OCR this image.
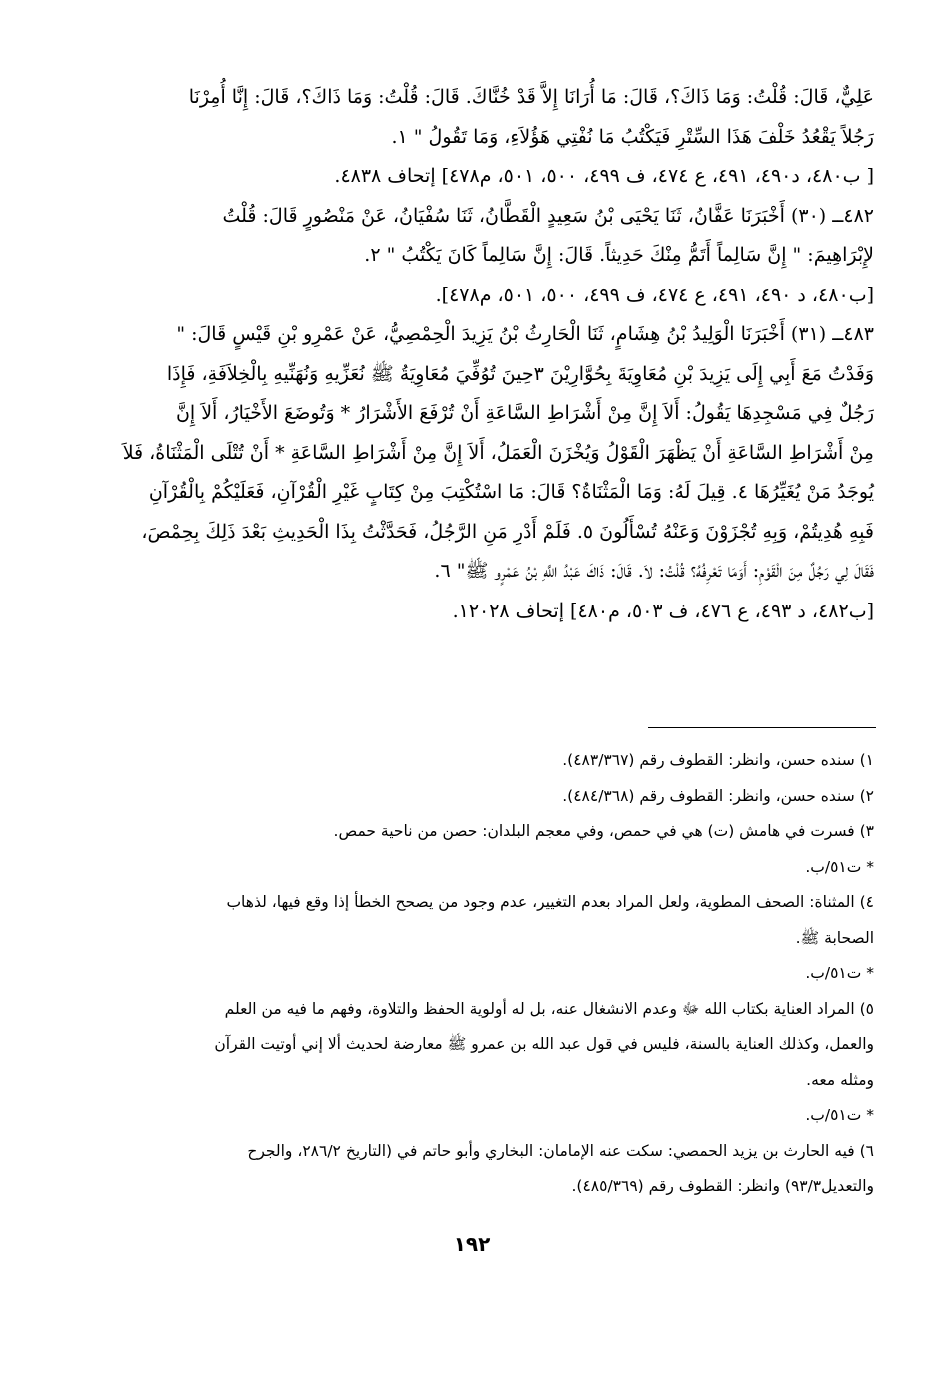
عَلِيٌّ، قَالَ: قُلْتُ: وَمَا ذَاكَ؟، قَالَ: مَا أُرَانَا إِلاَّ قَدْ خُنَّاكَ. قَالَ: قُلْتُ: وَمَا ذَاكَ؟، قَالَ: إِنَّا أُمِرْنَا

رَجُلاً يَقْعُدُ خَلْفَ هَذَا السِّتْرِ فَيَكْتُبُ مَا نُفْتِي هَؤُلاَءِ، وَمَا تَقُولُ " ١.

[ ب٤٨٠، د٤٩٠، ٤٩١، ع ٤٧٤، ف ٤٩٩، ٥٠٠، ٥٠١، م٤٧٨] إتحاف ٤٨٣٨.

٤٨٢ــ (٣٠) أَخْبَرَنَا عَفَّانُ، ثَنَا يَحْيَى بْنُ سَعِيدٍ الْقَطَّانُ، ثَنَا سُفْيَانُ، عَنْ مَنْصُورٍ قَالَ: قُلْتُ

لإِبْرَاهِيمَ: " إِنَّ سَالِماً أَتَمُّ مِنْكَ حَدِيثاً. قَالَ: إِنَّ سَالِماً كَانَ يَكْتُبُ " ٢.

[ب٤٨٠، د ٤٩٠، ٤٩١، ع ٤٧٤، ف ٤٩٩، ٥٠٠، ٥٠١، م٤٧٨].

٤٨٣ــ (٣١) أَخْبَرَنَا الْوَلِيدُ بْنُ هِشَامٍ، ثَنَا الْحَارِثُ بْنُ يَزِيدَ الْحِمْصِيُّ، عَنْ عَمْرِو بْنِ قَيْسٍ قَالَ: "

وَفَدْتُ مَعَ أَبِي إِلَى يَزِيدَ بْنِ مُعَاوِيَةَ بِحُوَّارِيْنَ ٣حِينَ تُوُفِّيَ مُعَاوِيَةُ ﷺ نُعَزِّيهِ وَنُهَنِّيهِ بِالْخِلاَفَةِ، فَإِذَا

رَجُلٌ فِي مَسْجِدِهَا يَقُولُ: أَلاَ إِنَّ مِنْ أَشْرَاطِ السَّاعَةِ أَنْ تُرْفَعَ الأَشْرَارُ * وَتُوضَعَ الأَخْيَارُ، أَلاَ إِنَّ

مِنْ أَشْرَاطِ السَّاعَةِ أَنْ يَظْهَرَ الْقَوْلُ وَيُخْزَنَ الْعَمَلُ، أَلاَ إِنَّ مِنْ أَشْرَاطِ السَّاعَةِ * أَنْ تُتْلَى الْمَثْنَاةُ، فَلاَ

يُوجَدُ مَنْ يُغَيِّرُهَا ٤. قِيلَ لَهُ: وَمَا الْمَثْنَاةُ؟ قَالَ: مَا اسْتُكْتِبَ مِنْ كِتَابٍ غَيْرِ الْقُرْآنِ، فَعَلَيْكُمْ بِالْقُرْآنِ

فَبِهِ هُدِيتُمْ، وَبِهِ تُجْزَوْنَ وَعَنْهُ تُسْأَلُونَ ٥. فَلَمْ أَدْرِ مَنِ الرَّجُلُ، فَحَدَّثْتُ بِذَا الْحَدِيثِ بَعْدَ ذَلِكَ بِحِمْصَ،

فَقَالَ لِي رَجُلٌ مِنَ الْقَوْمِ: أَوَمَا تَعْرِفُهُ؟ قُلْتُ: لاَ. قَالَ: ذَاكَ عَبْدُ اللَّهِ بْنُ عَمْرٍو ﷺ" ٦.

[ب٤٨٢، د ٤٩٣، ع ٤٧٦، ف ٥٠٣، م٤٨٠] إتحاف ١٢٠٢٨.

١) سنده حسن، وانظر: القطوف رقم (٤٨٣/٣٦٧).

٢) سنده حسن، وانظر: القطوف رقم (٤٨٤/٣٦٨).

٣) فسرت في هامش (ت) هي في حمص، وفي معجم البلدان: حصن من ناحية حمص.

* ت٥١/ب.

٤) المثناة: الصحف المطوية، ولعل المراد بعدم التغيير، عدم وجود من يصحح الخطأ إذا وقع فيها، لذهاب

الصحابة ﷺ.

* ت٥١/ب.

٥) المراد العناية بكتاب الله ﷻ وعدم الانشغال عنه، بل له أولوية الحفظ والتلاوة، وفهم ما فيه من العلم

والعمل، وكذلك العناية بالسنة، فليس في قول عبد الله بن عمرو ﷺ معارضة لحديث ألا إني أوتيت القرآن

ومثله معه.

* ت٥١/ب.

٦) فيه الحارث بن يزيد الحمصي: سكت عنه الإمامان: البخاري وأبو حاتم في (التاريخ ٢٨٦/٢، والجرح

والتعديل٩٣/٣) وانظر: القطوف رقم (٤٨٥/٣٦٩).

١٩٢
